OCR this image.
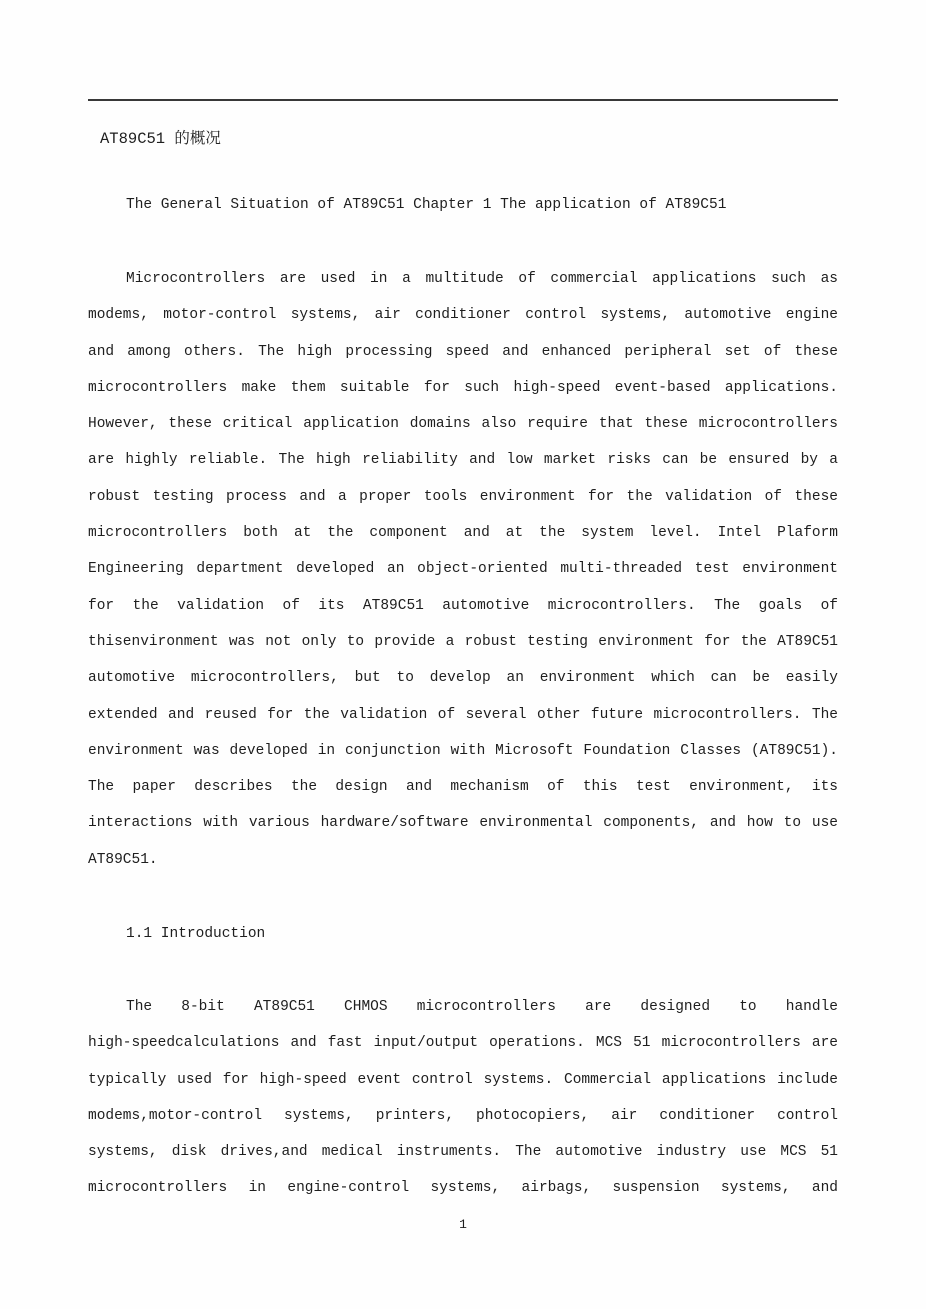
AT89C51 的概况
The General Situation of AT89C51 Chapter 1 The application of AT89C51
Microcontrollers are used in a multitude of commercial applications such as
modems, motor-control systems, air conditioner control systems, automotive engine
and among others. The high processing speed and enhanced peripheral set of these
microcontrollers make them suitable for such high-speed event-based applications.
However, these critical application domains also require that these microcontrollers
are highly reliable. The high reliability and low market risks can be ensured by a
robust testing process and a proper tools environment for the validation of these
microcontrollers both at the component and at the system level. Intel Plaform
Engineering department developed an object-oriented multi-threaded test environment
for the validation of its AT89C51 automotive microcontrollers. The goals of
thisenvironment was not only to provide a robust testing environment for the AT89C51
automotive microcontrollers, but to develop an environment which can be easily
extended and reused for the validation of several other future microcontrollers. The
environment was developed in conjunction with Microsoft Foundation Classes (AT89C51).
The paper describes the design and mechanism of this test environment, its
interactions with various hardware/software environmental components, and how to use
AT89C51.
1.1 Introduction
The 8-bit AT89C51 CHMOS microcontrollers are designed to handle
high-speedcalculations and fast input/output operations. MCS 51 microcontrollers are
typically used for high-speed event control systems. Commercial applications include
modems,motor-control systems, printers, photocopiers, air conditioner control
systems, disk drives,and medical instruments. The automotive industry use MCS 51
microcontrollers in engine-control systems, airbags, suspension systems, and
1
